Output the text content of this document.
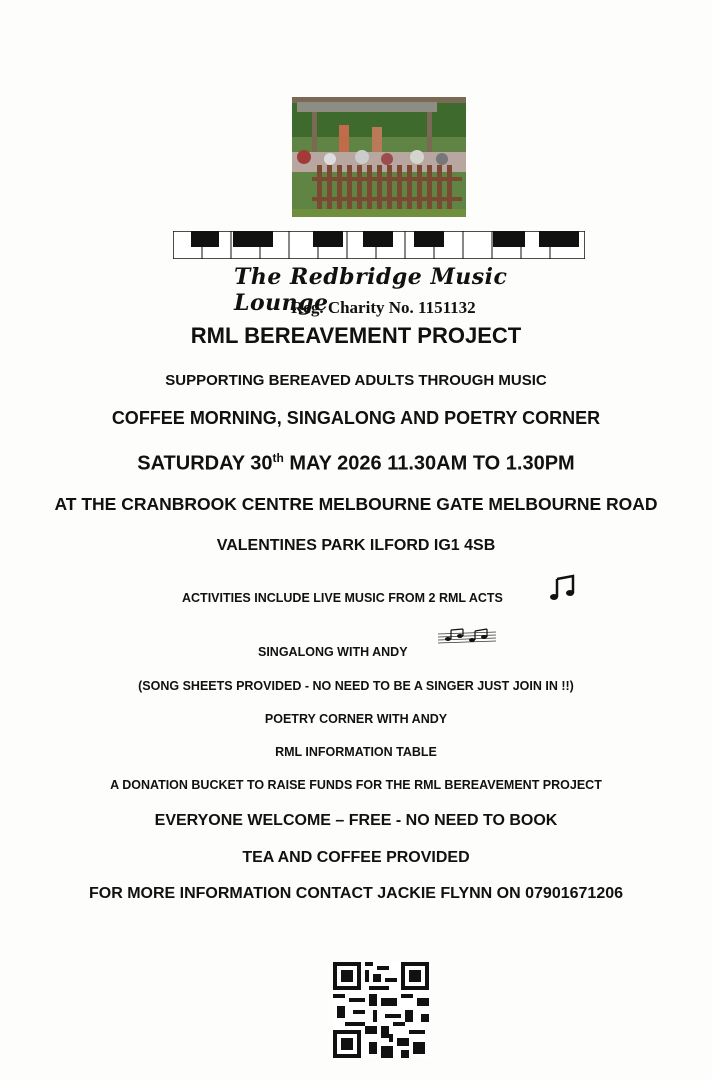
The Redbridge Music Lounge
Reg. Charity No. 1151132
RML BEREAVEMENT PROJECT
SUPPORTING BEREAVED ADULTS THROUGH MUSIC
COFFEE MORNING, SINGALONG AND POETRY CORNER
SATURDAY 30th MAY 2026 11.30AM TO 1.30PM
AT THE CRANBROOK CENTRE MELBOURNE GATE MELBOURNE ROAD
VALENTINES PARK ILFORD IG1 4SB
ACTIVITIES INCLUDE LIVE MUSIC FROM 2 RML ACTS
SINGALONG WITH ANDY
(SONG SHEETS PROVIDED - NO NEED TO BE A SINGER JUST JOIN IN !!)
POETRY CORNER WITH ANDY
RML INFORMATION TABLE
A DONATION BUCKET TO RAISE FUNDS FOR THE RML BEREAVEMENT PROJECT
EVERYONE WELCOME – FREE - NO NEED TO BOOK
TEA AND COFFEE PROVIDED
FOR MORE INFORMATION CONTACT JACKIE FLYNN ON 07901671206
